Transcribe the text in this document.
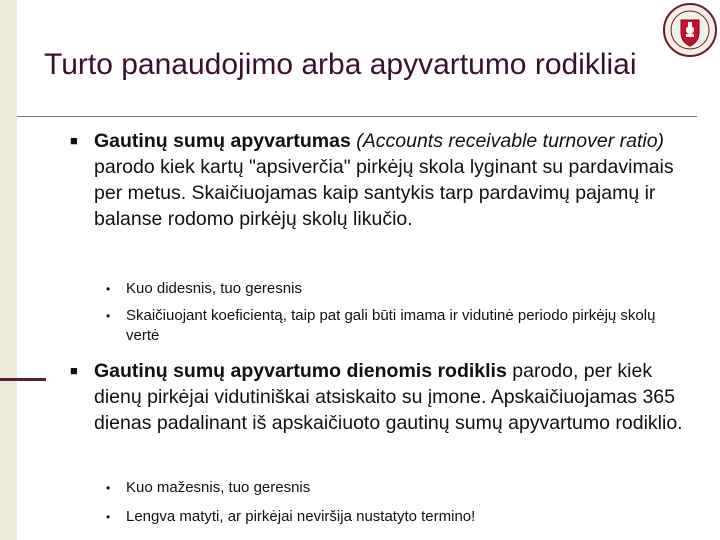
Turto panaudojimo arba apyvartumo rodikliai
■ Gautinų sumų apyvartumas (Accounts receivable turnover ratio) parodo kiek kartų "apsiverčia" pirkėjų skola lyginant su pardavimais per metus. Skaičiuojamas kaip santykis tarp pardavimų pajamų ir balanse rodomo pirkėjų skolų likučio.

• Kuo didesnis, tuo geresnis

• Skaičiuojant koeficientą, taip pat gali būti imama ir vidutinė periodo pirkėjų skolų vertė

■ Gautinų sumų apyvartumo dienomis rodiklis parodo, per kiek dienų pirkėjai vidutiniškai atsiskaito su įmone. Apskaičiuojamas 365 dienas padalinant iš apskaičiuoto gautinų sumų apyvartumo rodiklio.

• Kuo mažesnis, tuo geresnis

• Lengva matyti, ar pirkėjai neviršija nustatyto termino!
